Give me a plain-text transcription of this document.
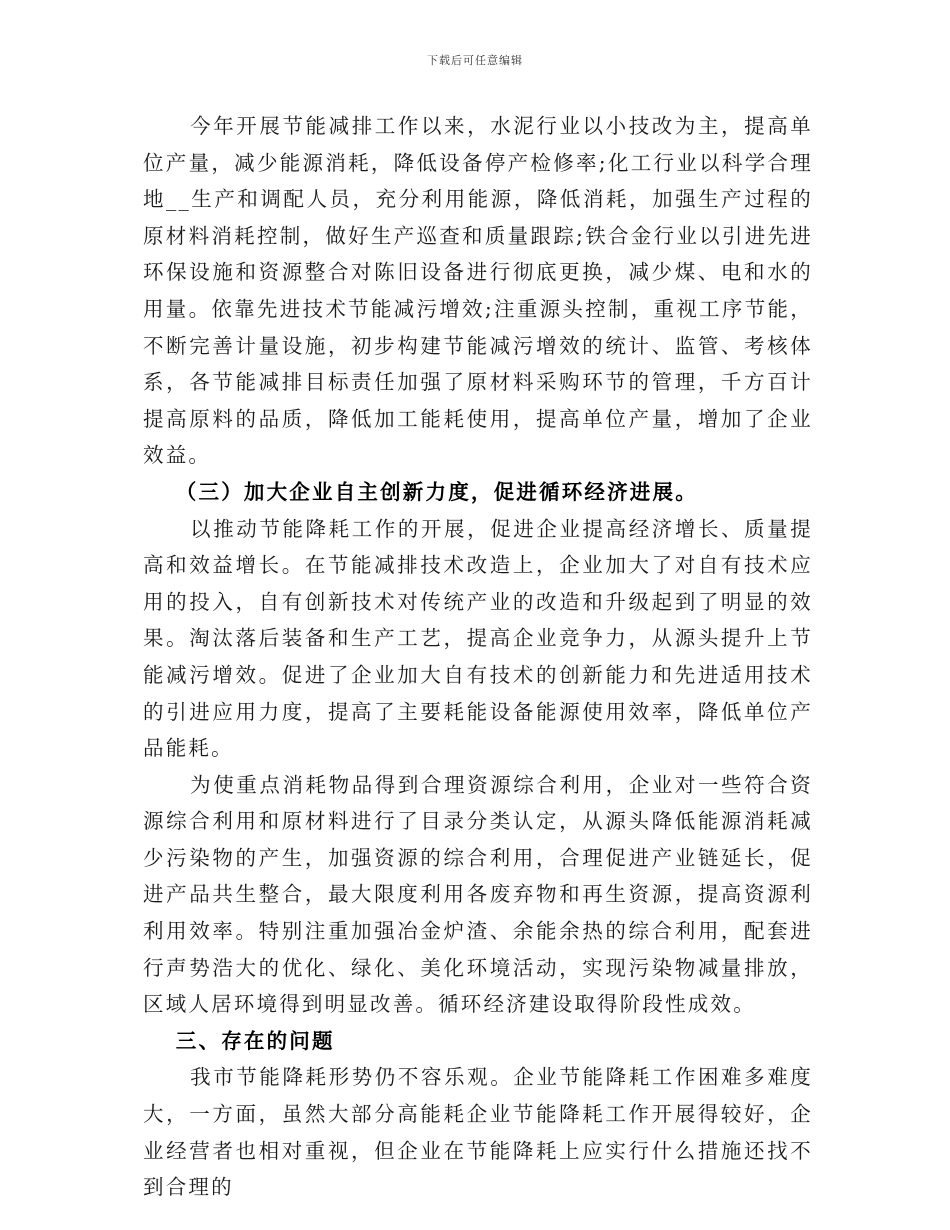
下载后可任意编辑

今年开展节能减排工作以来，水泥行业以小技改为主，提高单位产量，减少能源消耗，降低设备停产检修率;化工行业以科学合理地__生产和调配人员，充分利用能源，降低消耗，加强生产过程的原材料消耗控制，做好生产巡查和质量跟踪;铁合金行业以引进先进环保设施和资源整合对陈旧设备进行彻底更换，减少煤、电和水的用量。依靠先进技术节能减污增效;注重源头控制，重视工序节能，不断完善计量设施，初步构建节能减污增效的统计、监管、考核体系，各节能减排目标责任加强了原材料采购环节的管理，千方百计提高原料的品质，降低加工能耗使用，提高单位产量，增加了企业效益。

（三）加大企业自主创新力度，促进循环经济进展。

以推动节能降耗工作的开展，促进企业提高经济增长、质量提高和效益增长。在节能减排技术改造上，企业加大了对自有技术应用的投入，自有创新技术对传统产业的改造和升级起到了明显的效果。淘汰落后装备和生产工艺，提高企业竞争力，从源头提升上节能减污增效。促进了企业加大自有技术的创新能力和先进适用技术的引进应用力度，提高了主要耗能设备能源使用效率，降低单位产品能耗。

为使重点消耗物品得到合理资源综合利用，企业对一些符合资源综合利用和原材料进行了目录分类认定，从源头降低能源消耗减少污染物的产生，加强资源的综合利用，合理促进产业链延长，促进产品共生整合，最大限度利用各废弃物和再生资源，提高资源利利用效率。特别注重加强冶金炉渣、余能余热的综合利用，配套进行声势浩大的优化、绿化、美化环境活动，实现污染物减量排放，区域人居环境得到明显改善。循环经济建设取得阶段性成效。

三、存在的问题

我市节能降耗形势仍不容乐观。企业节能降耗工作困难多难度大，一方面，虽然大部分高能耗企业节能降耗工作开展得较好，企业经营者也相对重视，但企业在节能降耗上应实行什么措施还找不到合理的
